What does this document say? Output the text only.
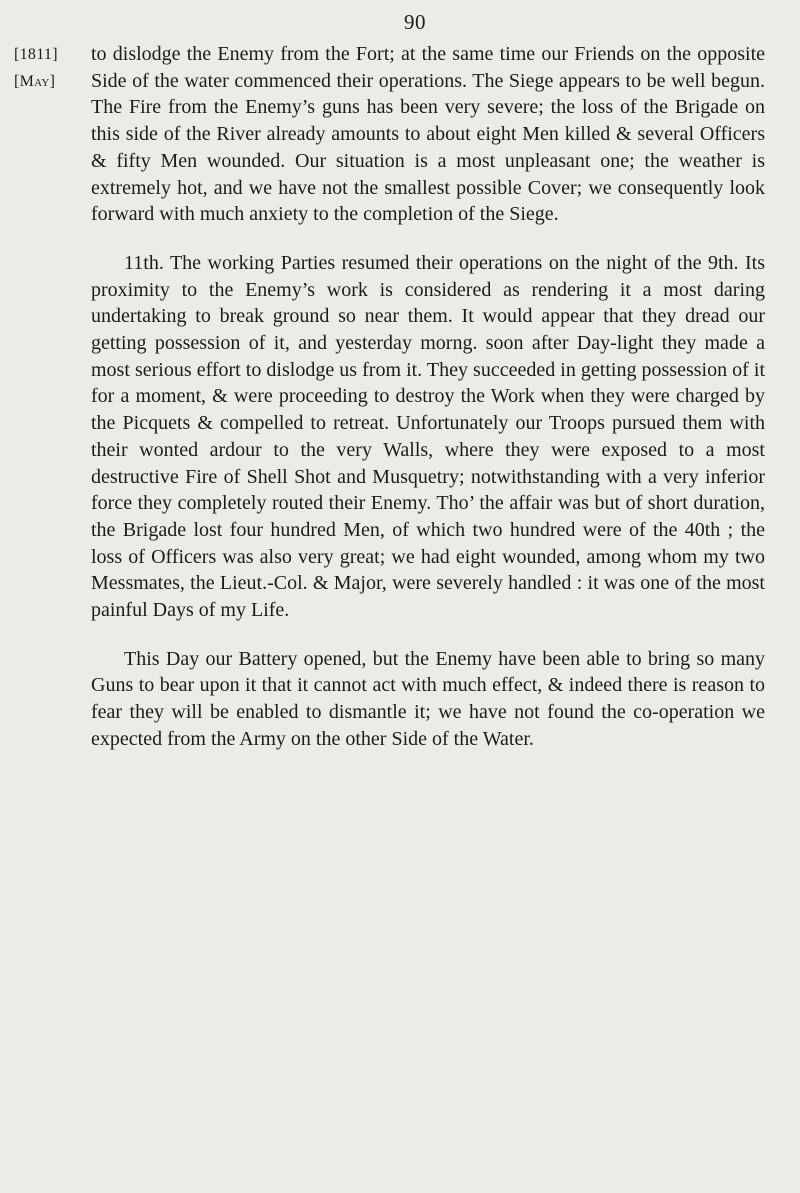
90
[1811]
[May]

to dislodge the Enemy from the Fort; at the same time our Friends on the opposite Side of the water commenced their operations. The Siege appears to be well begun. The Fire from the Enemy’s guns has been very severe; the loss of the Brigade on this side of the River already amounts to about eight Men killed & several Officers & fifty Men wounded. Our situation is a most unpleasant one; the weather is extremely hot, and we have not the smallest possible Cover; we consequently look forward with much anxiety to the completion of the Siege.

11th. The working Parties resumed their operations on the night of the 9th. Its proximity to the Enemy’s work is considered as rendering it a most daring undertaking to break ground so near them. It would appear that they dread our getting possession of it, and yesterday morng. soon after Day-light they made a most serious effort to dislodge us from it. They succeeded in getting possession of it for a moment, & were proceeding to destroy the Work when they were charged by the Picquets & compelled to retreat. Unfortunately our Troops pursued them with their wonted ardour to the very Walls, where they were exposed to a most destructive Fire of Shell Shot and Musquetry; notwithstanding with a very inferior force they completely routed their Enemy. Tho’ the affair was but of short duration, the Brigade lost four hundred Men, of which two hundred were of the 40th ; the loss of Officers was also very great; we had eight wounded, among whom my two Messmates, the Lieut.-Col. & Major, were severely handled : it was one of the most painful Days of my Life.

This Day our Battery opened, but the Enemy have been able to bring so many Guns to bear upon it that it cannot act with much effect, & indeed there is reason to fear they will be enabled to dismantle it; we have not found the co-operation we expected from the Army on the other Side of the Water.
